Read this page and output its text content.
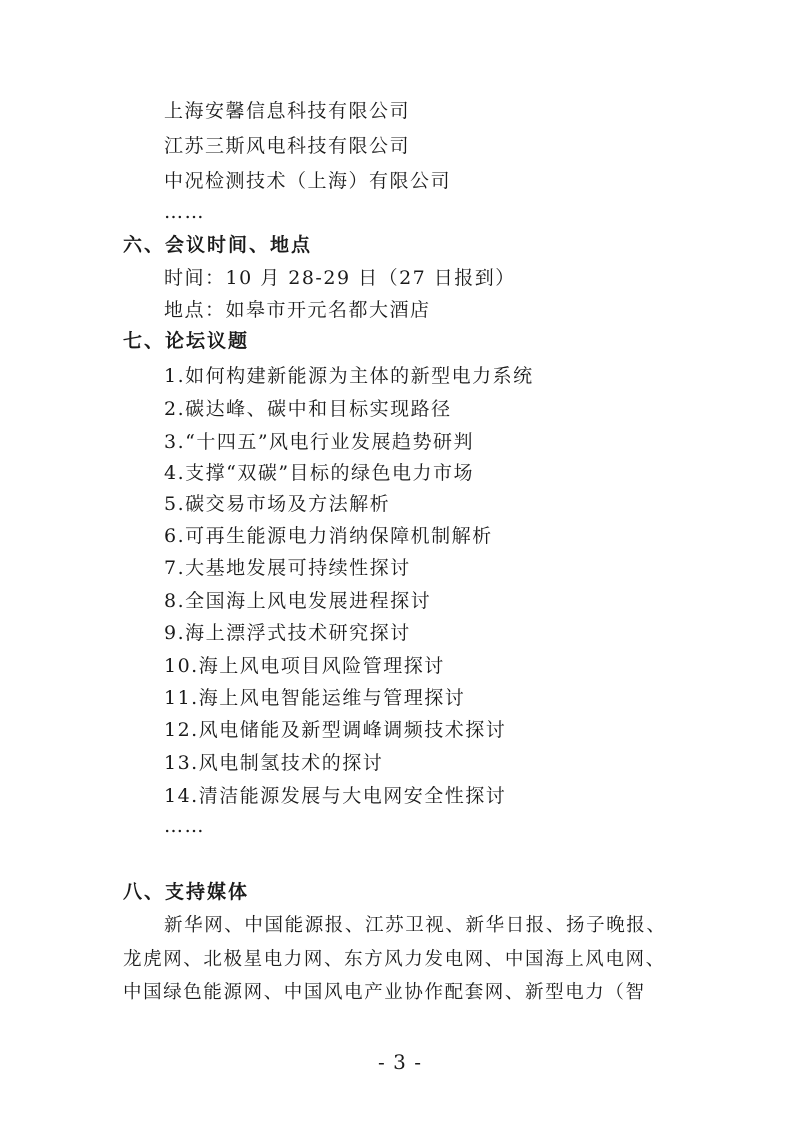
上海安馨信息科技有限公司
江苏三斯风电科技有限公司
中况检测技术（上海）有限公司
……
六、会议时间、地点
时间：10 月 28-29 日（27 日报到）
地点：如皋市开元名都大酒店
七、论坛议题
1.如何构建新能源为主体的新型电力系统
2.碳达峰、碳中和目标实现路径
3.“十四五”风电行业发展趋势研判
4.支撑“双碳”目标的绿色电力市场
5.碳交易市场及方法解析
6.可再生能源电力消纳保障机制解析
7.大基地发展可持续性探讨
8.全国海上风电发展进程探讨
9.海上漂浮式技术研究探讨
10.海上风电项目风险管理探讨
11.海上风电智能运维与管理探讨
12.风电储能及新型调峰调频技术探讨
13.风电制氢技术的探讨
14.清洁能源发展与大电网安全性探讨
……
八、支持媒体
新华网、中国能源报、江苏卫视、新华日报、扬子晚报、
龙虎网、北极星电力网、东方风力发电网、中国海上风电网、
中国绿色能源网、中国风电产业协作配套网、新型电力（智
- 3 -
